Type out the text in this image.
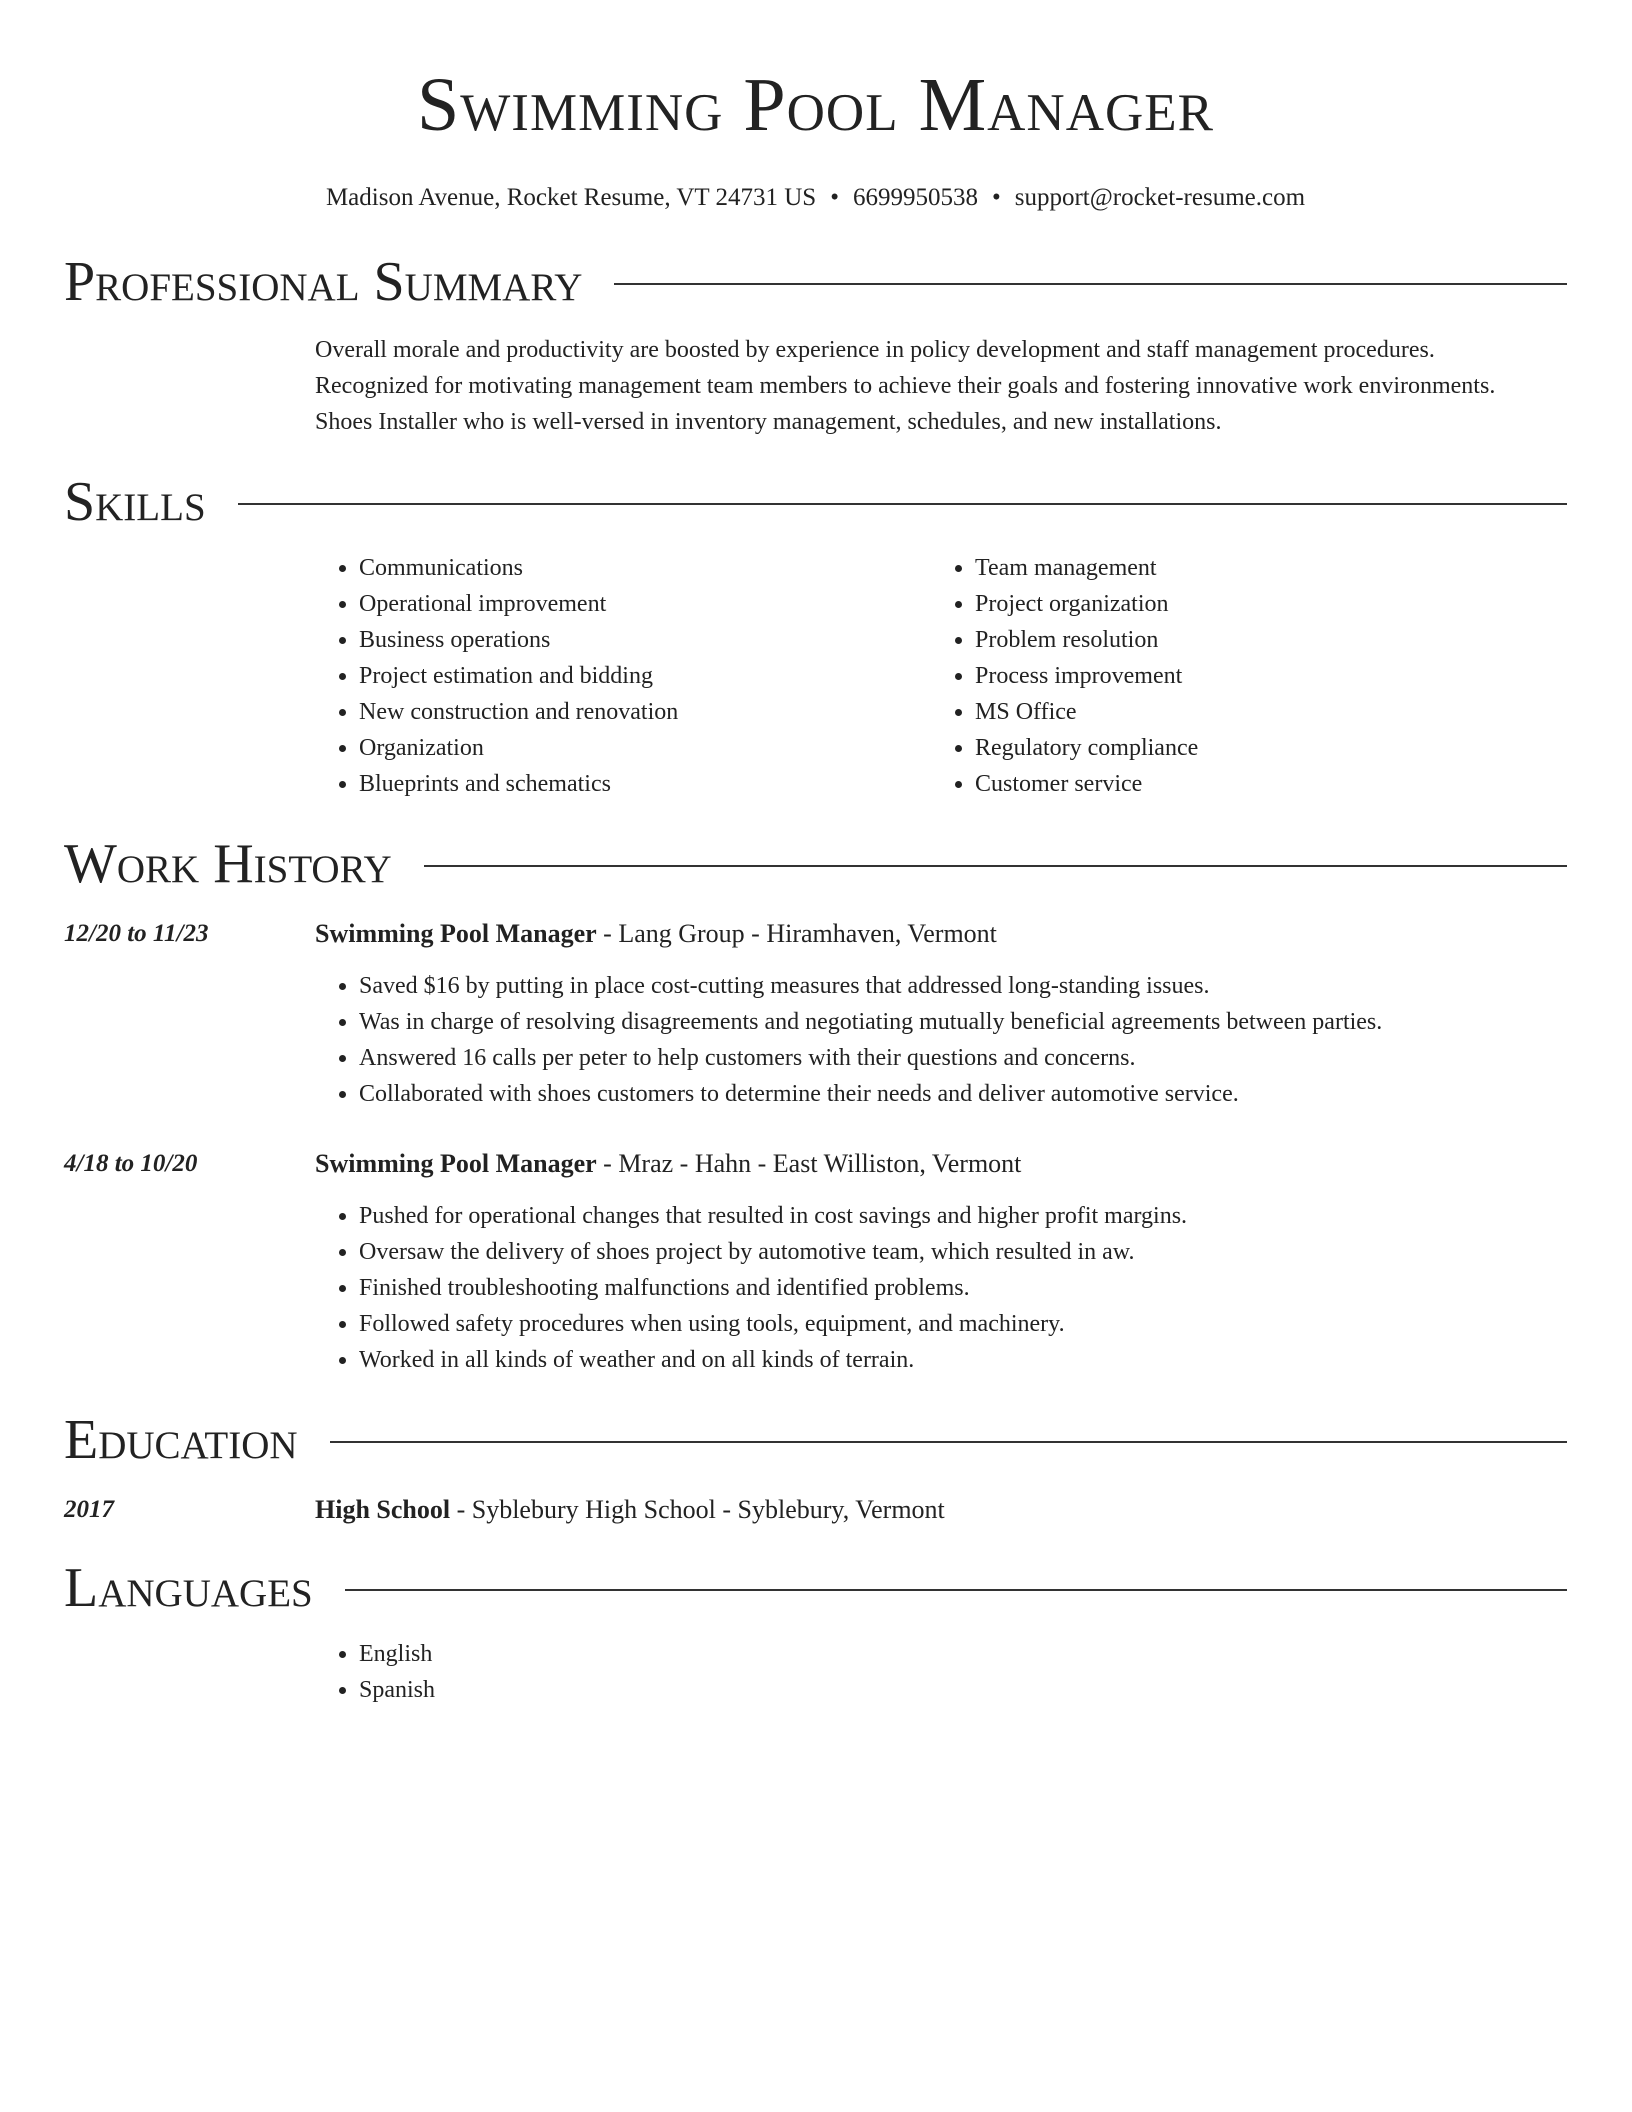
Swimming Pool Manager
Madison Avenue, Rocket Resume, VT 24731 US • 6699950538 • support@rocket-resume.com
Professional Summary

Overall morale and productivity are boosted by experience in policy development and staff management procedures.

Recognized for motivating management team members to achieve their goals and fostering innovative work environments.

Shoes Installer who is well-versed in inventory management, schedules, and new installations.

Skills
• Communications
• Operational improvement
• Business operations
• Project estimation and bidding
• New construction and renovation
• Organization
• Blueprints and schematics
• Team management
• Project organization
• Problem resolution
• Process improvement
• MS Office
• Regulatory compliance
• Customer service
Work History
12/20 to 11/23	Swimming Pool Manager - Lang Group - Hiramhaven, Vermont
• Saved $16 by putting in place cost-cutting measures that addressed long-standing issues.
• Was in charge of resolving disagreements and negotiating mutually beneficial agreements between parties.
• Answered 16 calls per peter to help customers with their questions and concerns.
• Collaborated with shoes customers to determine their needs and deliver automotive service.
4/18 to 10/20	Swimming Pool Manager - Mraz - Hahn - East Williston, Vermont
• Pushed for operational changes that resulted in cost savings and higher profit margins.
• Oversaw the delivery of shoes project by automotive team, which resulted in aw.
• Finished troubleshooting malfunctions and identified problems.
• Followed safety procedures when using tools, equipment, and machinery.
• Worked in all kinds of weather and on all kinds of terrain.
Education
2017	High School - Syblebury High School - Syblebury, Vermont
Languages
• English
• Spanish
